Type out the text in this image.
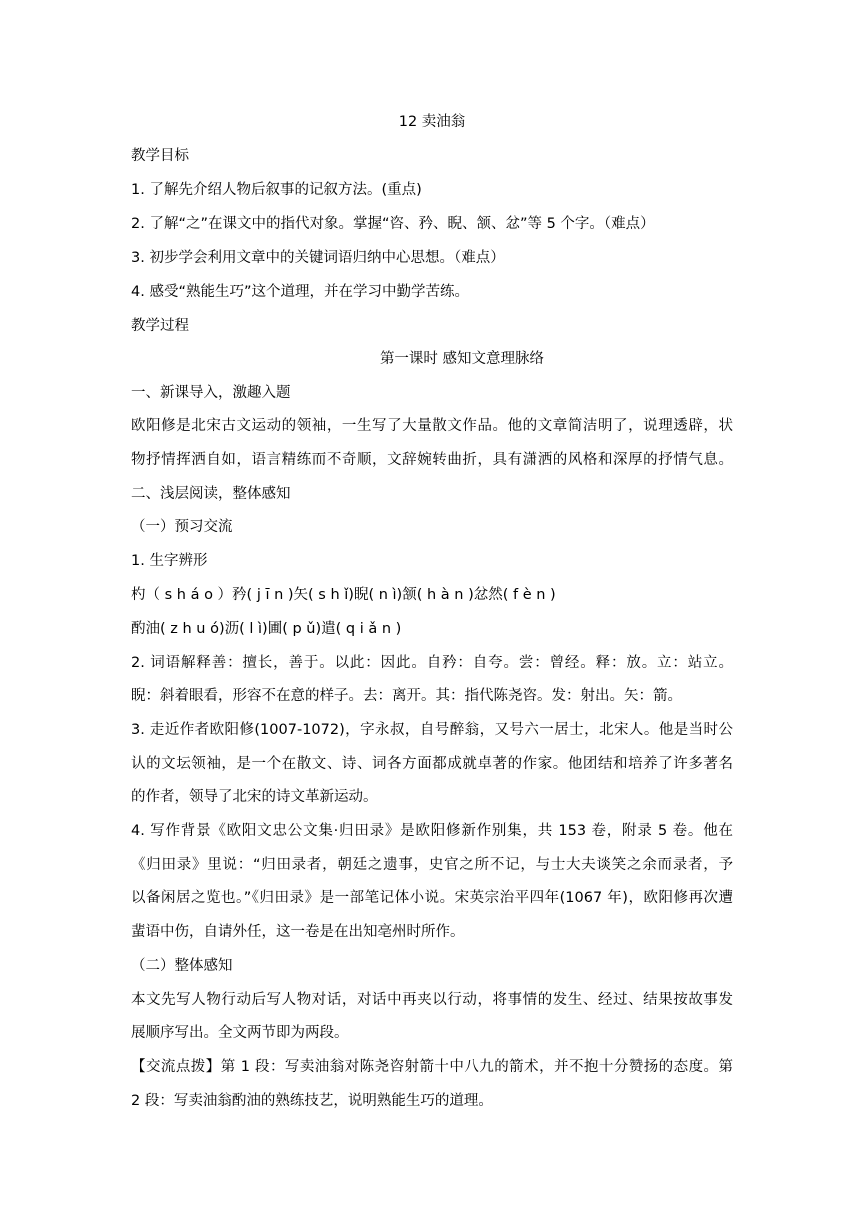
12 卖油翁
教学目标
1. 了解先介绍人物后叙事的记叙方法。(重点)
2. 了解“之”在课文中的指代对象。掌握“咨、矜、睨、颔、忿”等 5 个字。（难点）
3. 初步学会利用文章中的关键词语归纳中心思想。（难点）
4. 感受“熟能生巧”这个道理，并在学习中勤学苦练。
教学过程
第一课时 感知文意理脉络
一、新课导入，激趣入题
欧阳修是北宋古文运动的领袖，一生写了大量散文作品。他的文章简洁明了，说理透辟，状
物抒情挥洒自如，语言精练而不奇顺，文辞婉转曲折，具有潇洒的风格和深厚的抒情气息。
二、浅层阅读，整体感知
（一）预习交流
1. 生字辨形
杓（ s h á o ）矜( j ī n )矢( s h ǐ)睨( n ì)颔( h à n )忿然( f è n )
酌油( z h u ó)沥( l ì)圃( p ǔ)遣( q i ǎ n )
2. 词语解释善：擅长，善于。以此：因此。自矜：自夸。尝：曾经。释：放。立：站立。
睨：斜着眼看，形容不在意的样子。去：离开。其：指代陈尧咨。发：射出。矢：箭。
3. 走近作者欧阳修(1007-1072)，字永叔，自号醉翁，又号六一居士，北宋人。他是当时公
认的文坛领袖，是一个在散文、诗、词各方面都成就卓著的作家。他团结和培养了许多著名
的作者，领导了北宋的诗文革新运动。
4. 写作背景《欧阳文忠公文集·归田录》是欧阳修新作别集，共 153 卷，附录 5 卷。他在
《归田录》里说：“归田录者，朝廷之遗事，史官之所不记，与士大夫谈笑之余而录者，予
以备闲居之览也。”《归田录》是一部笔记体小说。宋英宗治平四年(1067 年)，欧阳修再次遭
蜚语中伤，自请外任，这一卷是在出知亳州时所作。
（二）整体感知
本文先写人物行动后写人物对话，对话中再夹以行动，将事情的发生、经过、结果按故事发
展顺序写出。全文两节即为两段。
【交流点拨】第 1 段：写卖油翁对陈尧咨射箭十中八九的箭术，并不抱十分赞扬的态度。第
2 段：写卖油翁酌油的熟练技艺，说明熟能生巧的道理。
